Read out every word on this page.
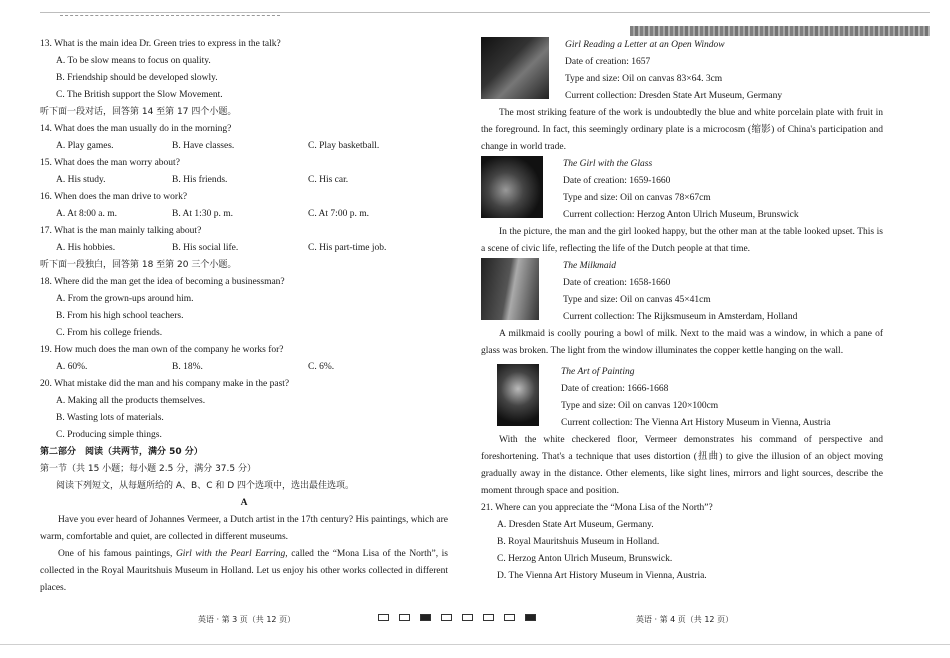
13. What is the main idea Dr. Green tries to express in the talk?
A. To be slow means to focus on quality.
B. Friendship should be developed slowly.
C. The British support the Slow Movement.
听下面一段对话，回答第 14 至第 17 四个小题。
14. What does the man usually do in the morning?
A. Play games.	B. Have classes.	C. Play basketball.
15. What does the man worry about?
A. His study.	B. His friends.	C. His car.
16. When does the man drive to work?
A. At 8:00 a. m.	B. At 1:30 p. m.	C. At 7:00 p. m.
17. What is the man mainly talking about?
A. His hobbies.	B. His social life.	C. His part-time job.
听下面一段独白，回答第 18 至第 20 三个小题。
18. Where did the man get the idea of becoming a businessman?
A. From the grown-ups around him.
B. From his high school teachers.
C. From his college friends.
19. How much does the man own of the company he works for?
A. 60%.	B. 18%.	C. 6%.
20. What mistake did the man and his company make in the past?
A. Making all the products themselves.
B. Wasting lots of materials.
C. Producing simple things.
第二部分　阅读（共两节，满分 50 分）
第一节（共 15 小题；每小题 2.5 分，满分 37.5 分）
阅读下列短文，从每题所给的 A、B、C 和 D 四个选项中，选出最佳选项。
A
Have you ever heard of Johannes Vermeer, a Dutch artist in the 17th century? His paintings, which are warm, comfortable and quiet, are collected in different museums.
One of his famous paintings, Girl with the Pearl Earring, called the “Mona Lisa of the North”, is collected in the Royal Mauritshuis Museum in Holland. Let us enjoy his other works collected in different places.
Girl Reading a Letter at an Open Window
Date of creation: 1657
Type and size: Oil on canvas 83×64. 3cm
Current collection: Dresden State Art Museum, Germany
The most striking feature of the work is undoubtedly the blue and white porcelain plate with fruit in the foreground. In fact, this seemingly ordinary plate is a microcosm (缩影) of China's participation and change in world trade.
The Girl with the Glass
Date of creation: 1659-1660
Type and size: Oil on canvas 78×67cm
Current collection: Herzog Anton Ulrich Museum, Brunswick
In the picture, the man and the girl looked happy, but the other man at the table looked upset. This is a scene of civic life, reflecting the life of the Dutch people at that time.
The Milkmaid
Date of creation: 1658-1660
Type and size: Oil on canvas 45×41cm
Current collection: The Rijksmuseum in Amsterdam, Holland
A milkmaid is coolly pouring a bowl of milk. Next to the maid was a window, in which a pane of glass was broken. The light from the window illuminates the copper kettle hanging on the wall.
The Art of Painting
Date of creation: 1666-1668
Type and size: Oil on canvas 120×100cm
Current collection: The Vienna Art History Museum in Vienna, Austria
With the white checkered floor, Vermeer demonstrates his command of perspective and foreshortening. That's a technique that uses distortion (扭曲) to give the illusion of an object moving gradually away in the distance. Other elements, like sight lines, mirrors and light sources, describe the moment through space and position.
21. Where can you appreciate the “Mona Lisa of the North”?
A. Dresden State Art Museum, Germany.
B. Royal Mauritshuis Museum in Holland.
C. Herzog Anton Ulrich Museum, Brunswick.
D. The Vienna Art History Museum in Vienna, Austria.
英语 · 第 3 页（共 12 页）	英语 · 第 4 页（共 12 页）
